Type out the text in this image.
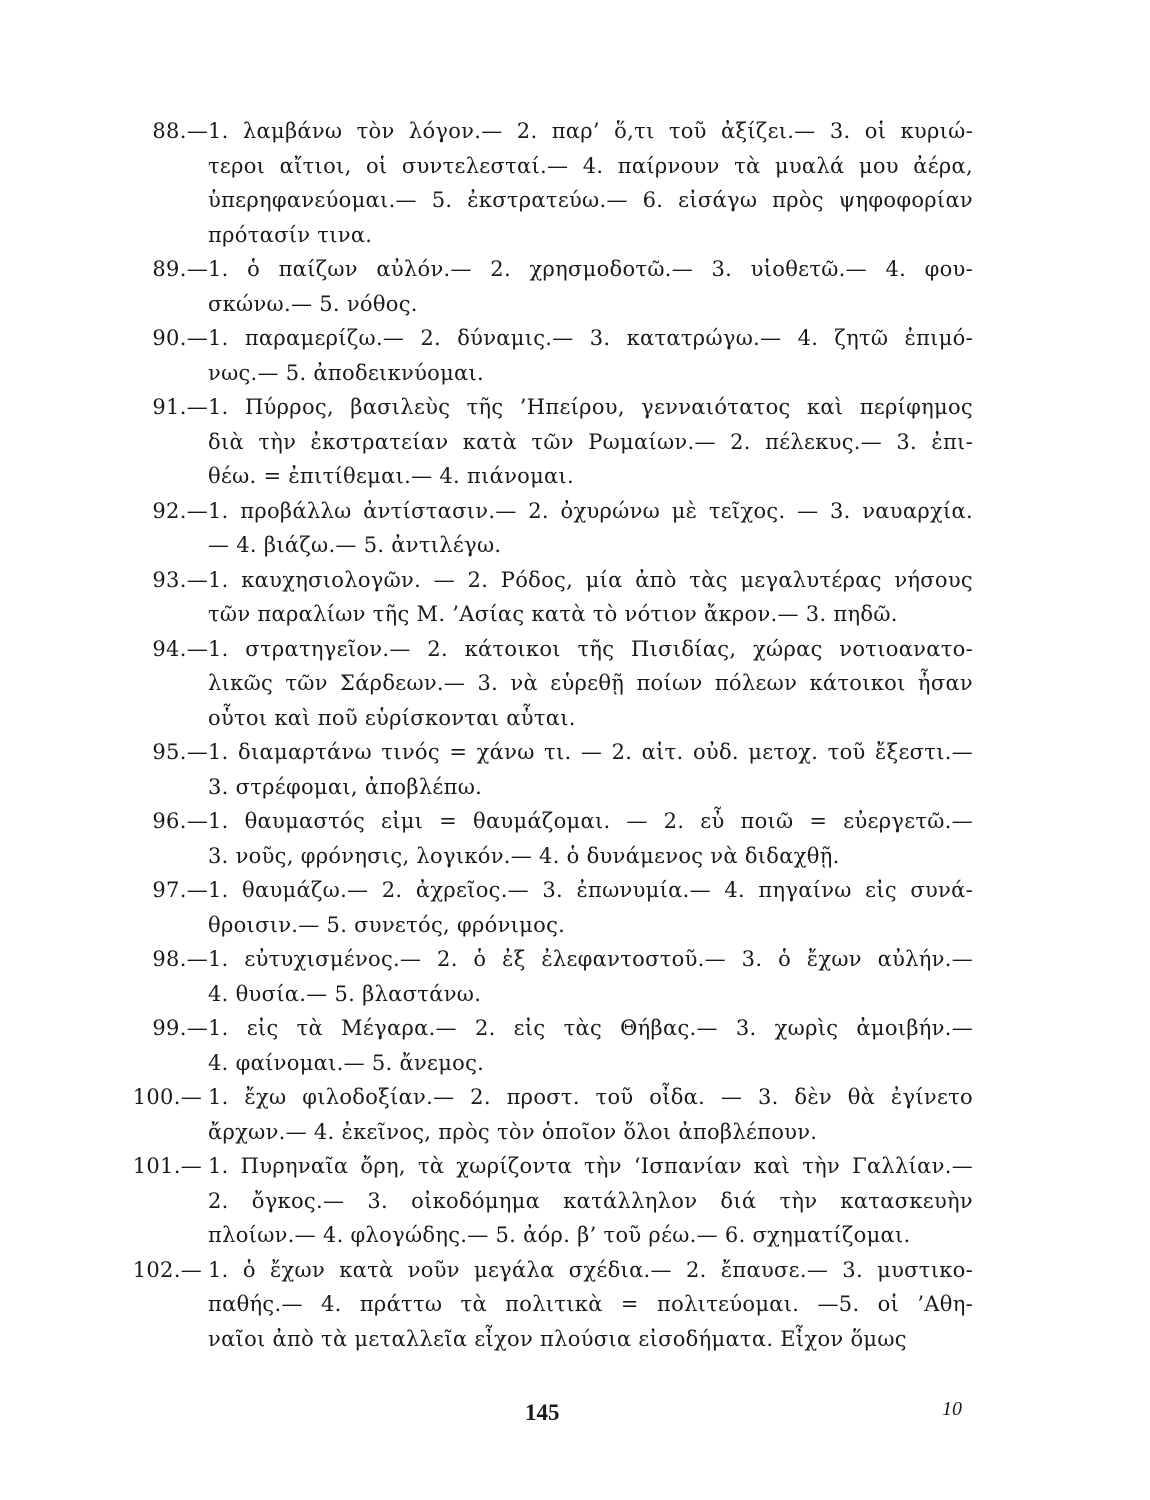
88.— 1. λαμβάνω τὸν λόγον.— 2. παρ’ ὅ,τι τοῦ ἀξίζει.— 3. οἱ κυριώ-
τεροι αἴτιοι, οἱ συντελεσταί.— 4. παίρνουν τὰ μυαλά μου ἀέρα,
ὑπερηφανεύομαι.— 5. ἐκστρατεύω.— 6. εἰσάγω πρὸς ψηφοφορίαν
πρότασίν τινα.
89.— 1. ὁ παίζων αὐλόν.— 2. χρησμοδοτῶ.— 3. υἱοθετῶ.— 4. φου-
σκώνω.— 5. νόθος.
90.— 1. παραμερίζω.— 2. δύναμις.— 3. κατατρώγω.— 4. ζητῶ ἐπιμό-
νως.— 5. ἀποδεικνύομαι.
91.— 1. Πύρρος, βασιλεὺς τῆς ’Ηπείρου, γενναιότατος καὶ περίφημος
διὰ τὴν ἐκστρατείαν κατὰ τῶν Ρωμαίων.— 2. πέλεκυς.— 3. ἐπι-
θέω. = ἐπιτίθεμαι.— 4. πιάνομαι.
92.— 1. προβάλλω ἀντίστασιν.— 2. ὀχυρώνω μὲ τεῖχος. — 3. ναυαρχία.
— 4. βιάζω.— 5. ἀντιλέγω.
93.— 1. καυχησιολογῶν. — 2. Ρόδος, μία ἀπὸ τὰς μεγαλυτέρας νήσους
τῶν παραλίων τῆς Μ. ’Ασίας κατὰ τὸ νότιον ἄκρον.— 3. πηδῶ.
94.— 1. στρατηγεῖον.— 2. κάτοικοι τῆς Πισιδίας, χώρας νοτιοανατο-
λικῶς τῶν Σάρδεων.— 3. νὰ εὑρεθῇ ποίων πόλεων κάτοικοι ἦσαν
οὗτοι καὶ ποῦ εὑρίσκονται αὗται.
95.— 1. διαμαρτάνω τινός = χάνω τι. — 2. αἰτ. οὐδ. μετοχ. τοῦ ἔξεστι.—
3. στρέφομαι, ἀποβλέπω.
96.— 1. θαυμαστός εἰμι = θαυμάζομαι. — 2. εὖ ποιῶ = εὐεργετῶ.—
3. νοῦς, φρόνησις, λογικόν.— 4. ὁ δυνάμενος νὰ διδαχθῇ.
97.— 1. θαυμάζω.— 2. ἀχρεῖος.— 3. ἐπωνυμία.— 4. πηγαίνω εἰς συνά-
θροισιν.— 5. συνετός, φρόνιμος.
98.— 1. εὐτυχισμένος.— 2. ὁ ἐξ ἐλεφαντοστοῦ.— 3. ὁ ἔχων αὐλήν.—
4. θυσία.— 5. βλαστάνω.
99.— 1. εἰς τὰ Μέγαρα.— 2. εἰς τὰς Θήβας.— 3. χωρὶς ἀμοιβήν.—
4. φαίνομαι.— 5. ἄνεμος.
100.— 1. ἔχω φιλοδοξίαν.— 2. προστ. τοῦ οἶδα. — 3. δὲν θὰ ἐγίνετο
ἄρχων.— 4. ἐκεῖνος, πρὸς τὸν ὁποῖον ὅλοι ἀποβλέπουν.
101.— 1. Πυρηναῖα ὄρη, τὰ χωρίζοντα τὴν ‘Ισπανίαν καὶ τὴν Γαλλίαν.—
2. ὄγκος.— 3. οἰκοδόμημα κατάλληλον διά τὴν κατασκευὴν
πλοίων.— 4. φλογώδης.— 5. ἀόρ. β’ τοῦ ρέω.— 6. σχηματίζομαι.
102.— 1. ὁ ἔχων κατὰ νοῦν μεγάλα σχέδια.— 2. ἔπαυσε.— 3. μυστικο-
παθής.— 4. πράττω τὰ πολιτικὰ = πολιτεύομαι. —5. οἱ ’Αθη-
ναῖοι ἀπὸ τὰ μεταλλεῖα εἶχον πλούσια εἰσοδήματα. Εἶχον ὅμως
145	10
